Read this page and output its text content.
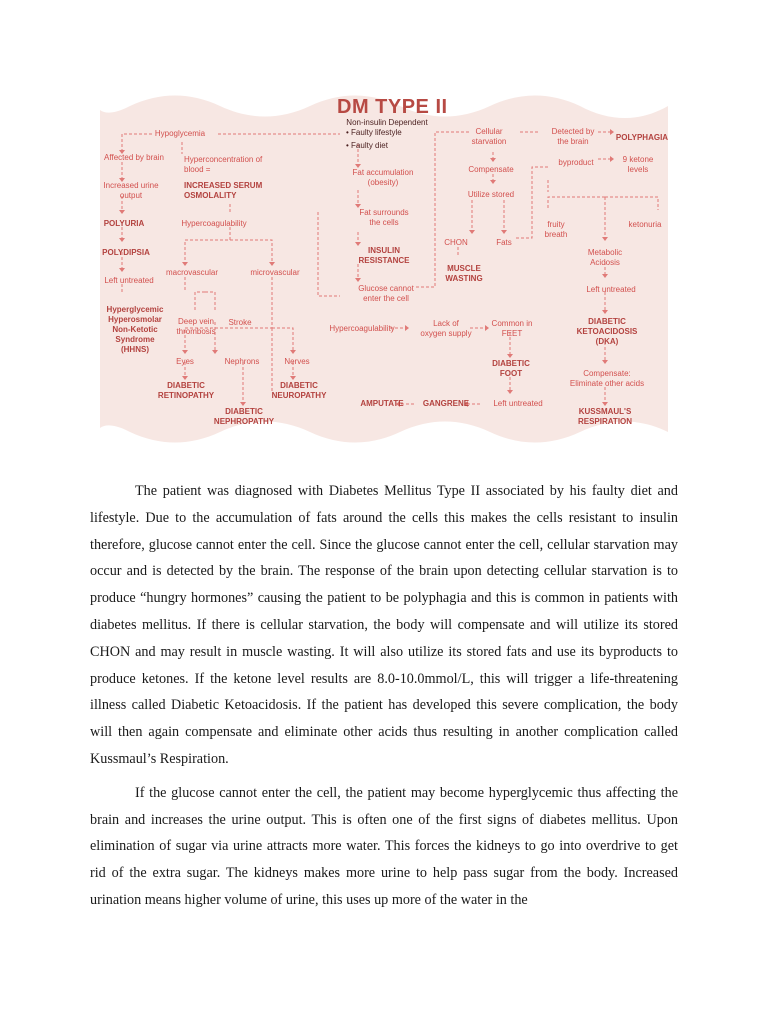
DM TYPE II
Non-insulin Dependent
• Faulty lifestyle
• Faulty diet
Hypoglycemia
Affected by brain
Increased urine
output
POLYURIA
POLYDIPSIA
Left untreated
Hyperglycemic
Hyperosmolar
Non-Ketotic
Syndrome
(HHNS)
Hyperconcentration of
blood =
INCREASED SERUM
OSMOLALITY
Hypercoagulability
macrovascular	microvascular
Deep vein
thrombosis
Stroke
Eyes	Nephrons	Nerves
DIABETIC
RETINOPATHY
DIABETIC
NEPHROPATHY
DIABETIC
NEUROPATHY
Fat accumulation
(obesity)
Fat surrounds
the cells
INSULIN
RESISTANCE
Glucose cannot
enter the cell
Cellular
starvation
Compensate
Utilize stored
CHON	Fats
MUSCLE
WASTING
Detected by
the brain	POLYPHAGIA
byproduct	9 ketone
levels
fruity
breath
ketonuria
Metabolic
Acidosis
Left untreated
DIABETIC
KETOACIDOSIS
(DKA)
Compensate:
Eliminate other acids
KUSSMAUL'S
RESPIRATION
Hypercoagulability
Lack of
oxygen supply
Common in
FEET
DIABETIC
FOOT
Left untreated
GANGRENE
AMPUTATE

The patient was diagnosed with Diabetes Mellitus Type II associated by his faulty diet and lifestyle. Due to the accumulation of fats around the cells this makes the cells resistant to insulin therefore, glucose cannot enter the cell. Since the glucose cannot enter the cell, cellular starvation may occur and is detected by the brain. The response of the brain upon detecting cellular starvation is to produce “hungry hormones” causing the patient to be polyphagia and this is common in patients with diabetes mellitus. If there is cellular starvation, the body will compensate and will utilize its stored CHON and may result in muscle wasting. It will also utilize its stored fats and use its byproducts to produce ketones. If the ketone level results are 8.0-10.0mmol/L, this will trigger a life-threatening illness called Diabetic Ketoacidosis. If the patient has developed this severe complication, the body will then again compensate and eliminate other acids thus resulting in another complication called Kussmaul’s Respiration.

If the glucose cannot enter the cell, the patient may become hyperglycemic thus affecting the brain and increases the urine output. This is often one of the first signs of diabetes mellitus. Upon elimination of sugar via urine attracts more water. This forces the kidneys to go into overdrive to get rid of the extra sugar. The kidneys makes more urine to help pass sugar from the body. Increased urination means higher volume of urine, this uses up more of the water in the
